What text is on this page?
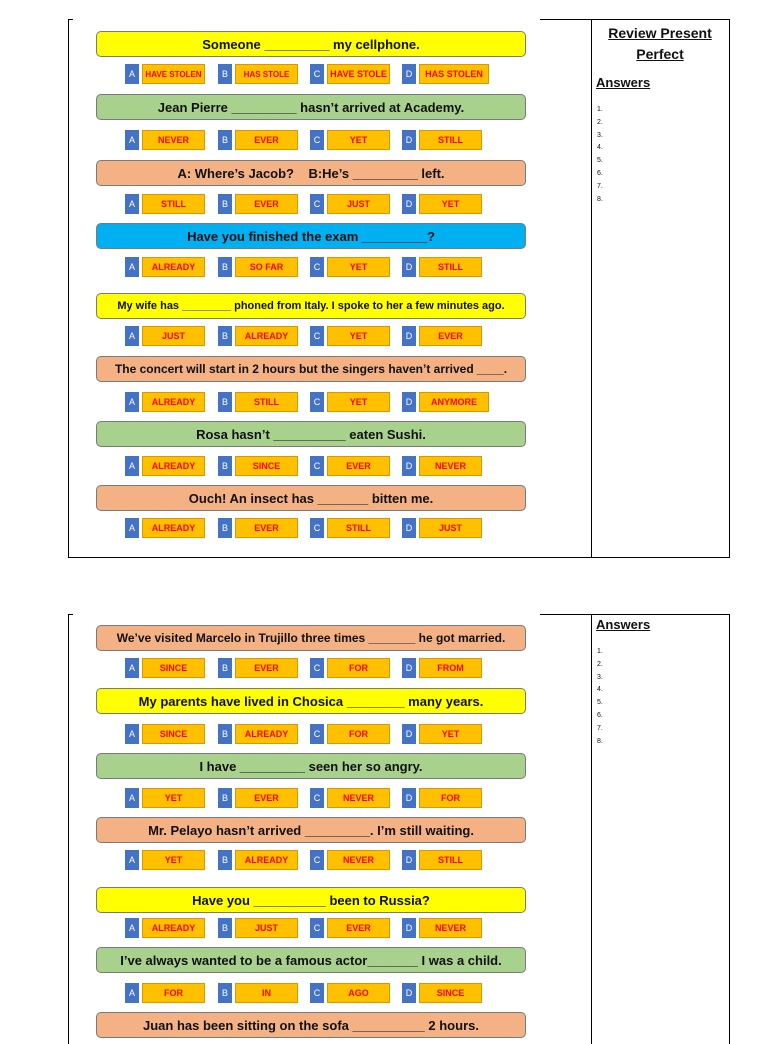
Someone _________ my cellphone.
A	HAVE STOLEN	B	HAS STOLE	C	HAVE STOLE	D	HAS STOLEN
Jean Pierre _________ hasn’t arrived at Academy.
A	NEVER	B	EVER	C	YET	D	STILL
A: Where’s Jacob?    B:He’s _________ left.
A	STILL	B	EVER	C	JUST	D	YET
Have you finished the exam _________?
A	ALREADY	B	SO FAR	C	YET	D	STILL
My wife has ________ phoned from Italy. I spoke to her a few minutes ago.
A	JUST	B	ALREADY	C	YET	D	EVER
The concert will start in 2 hours but the singers haven’t arrived ____.
A	ALREADY	B	STILL	C	YET	D	ANYMORE
Rosa hasn’t __________ eaten Sushi.
A	ALREADY	B	SINCE	C	EVER	D	NEVER
Ouch! An insect has _______ bitten me.
A	ALREADY	B	EVER	C	STILL	D	JUST
Review Present Perfect
Answers
1.
2.
3.
4.
5.
6.
7.
8.
We’ve visited Marcelo in Trujillo three times _______ he got married.
A	SINCE	B	EVER	C	FOR	D	FROM
My parents have lived in Chosica ________ many years.
A	SINCE	B	ALREADY	C	FOR	D	YET
I have _________ seen her so angry.
A	YET	B	EVER	C	NEVER	D	FOR
Mr. Pelayo hasn’t arrived _________. I’m still waiting.
A	YET	B	ALREADY	C	NEVER	D	STILL
Have you __________ been to Russia?
A	ALREADY	B	JUST	C	EVER	D	NEVER
I’ve always wanted to be a famous actor_______ I was a child.
A	FOR	B	IN	C	AGO	D	SINCE
Juan has been sitting on the sofa __________ 2 hours.
Answers
1.
2.
3.
4.
5.
6.
7.
8.
